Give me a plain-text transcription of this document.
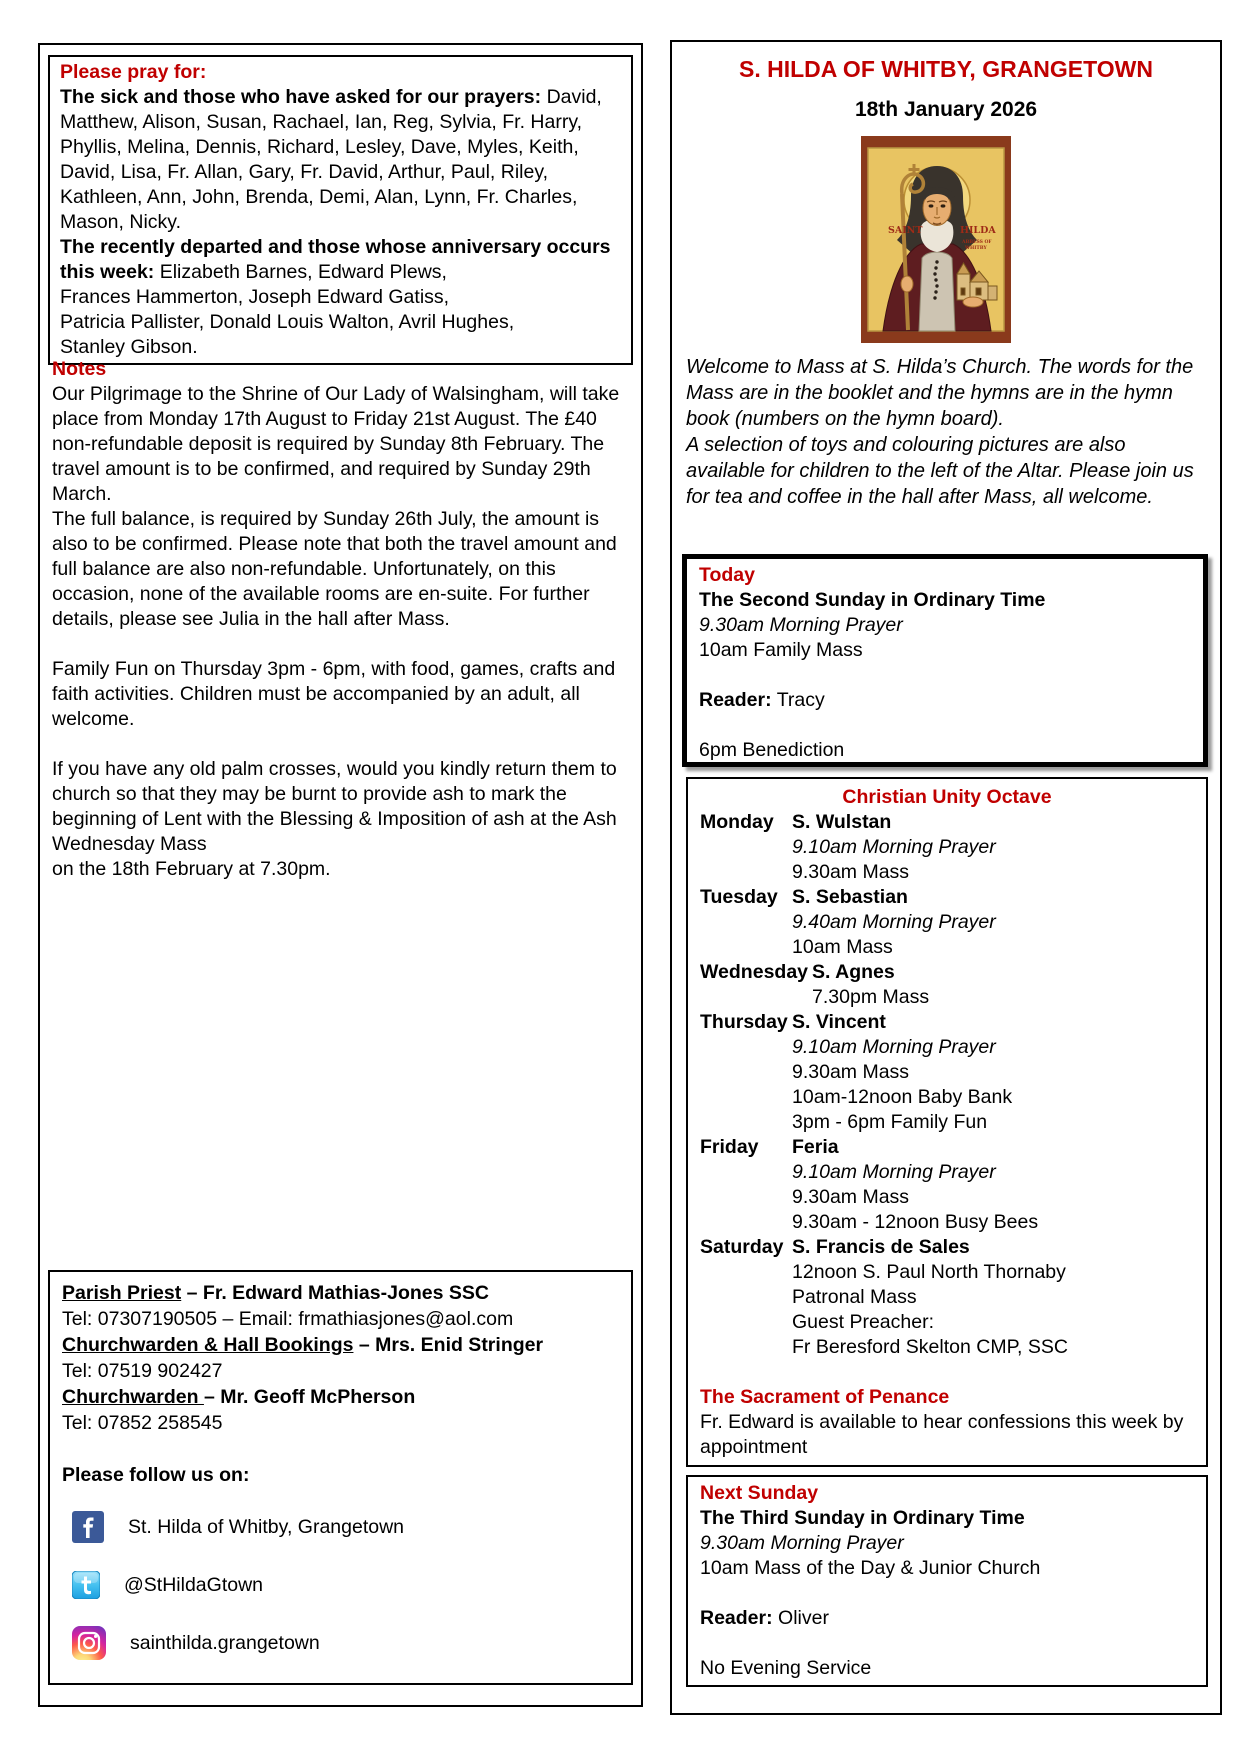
Please pray for:
The sick and those who have asked for our prayers: David, Matthew, Alison, Susan, Rachael, Ian, Reg, Sylvia, Fr. Harry, Phyllis, Melina, Dennis, Richard, Lesley, Dave, Myles, Keith, David, Lisa, Fr. Allan, Gary, Fr. David, Arthur, Paul, Riley, Kathleen, Ann, John, Brenda, Demi, Alan, Lynn, Fr. Charles, Mason, Nicky.
The recently departed and those whose anniversary occurs this week: Elizabeth Barnes, Edward Plews,
Frances Hammerton, Joseph Edward Gatiss,
Patricia Pallister, Donald Louis Walton, Avril Hughes,
Stanley Gibson.
Notes
Our Pilgrimage to the Shrine of Our Lady of Walsingham, will take place from Monday 17th August to Friday 21st August. The £40 non-refundable deposit is required by Sunday 8th February. The travel amount is to be confirmed, and required by Sunday 29th March.
The full balance, is required by Sunday 26th July, the amount is also to be confirmed. Please note that both the travel amount and full balance are also non-refundable. Unfortunately, on this occasion, none of the available rooms are en-suite. For further details, please see Julia in the hall after Mass.
Family Fun on Thursday 3pm - 6pm, with food, games, crafts and faith activities. Children must be accompanied by an adult, all welcome.
If you have any old palm crosses, would you kindly return them to church so that they may be burnt to provide ash to mark the beginning of Lent with the Blessing & Imposition of ash at the Ash Wednesday Mass
on the 18th February at 7.30pm.
Parish Priest – Fr. Edward Mathias-Jones SSC
Tel: 07307190505 – Email: frmathiasjones@aol.com
Churchwarden & Hall Bookings – Mrs. Enid Stringer
Tel: 07519 902427
Churchwarden – Mr. Geoff McPherson
Tel: 07852 258545
Please follow us on:
St. Hilda of Whitby, Grangetown
@StHildaGtown
sainthilda.grangetown
S. HILDA OF WHITBY, GRANGETOWN
18th January 2026
SAINT	HILDA
ABBESS OF
WHITBY
Welcome to Mass at S. Hilda’s Church. The words for the Mass are in the booklet and the hymns are in the hymn book (numbers on the hymn board).
A selection of toys and colouring pictures are also available for children to the left of the Altar. Please join us for tea and coffee in the hall after Mass, all welcome.
Today
The Second Sunday in Ordinary Time
9.30am Morning Prayer
10am Family Mass
Reader: Tracy
6pm Benediction
Christian Unity Octave
Monday S. Wulstan
9.10am Morning Prayer
9.30am Mass
Tuesday S. Sebastian
9.40am Morning Prayer
10am Mass
Wednesday S. Agnes
7.30pm Mass
Thursday S. Vincent
9.10am Morning Prayer
9.30am Mass
10am-12noon Baby Bank
3pm - 6pm Family Fun
Friday	Feria
9.10am Morning Prayer
9.30am Mass
9.30am - 12noon Busy Bees
Saturday S. Francis de Sales
12noon S. Paul North Thornaby
Patronal Mass
Guest Preacher:
Fr Beresford Skelton CMP, SSC
The Sacrament of Penance
Fr. Edward is available to hear confessions this week by appointment
Next Sunday
The Third Sunday in Ordinary Time
9.30am Morning Prayer
10am Mass of the Day & Junior Church
Reader: Oliver
No Evening Service
